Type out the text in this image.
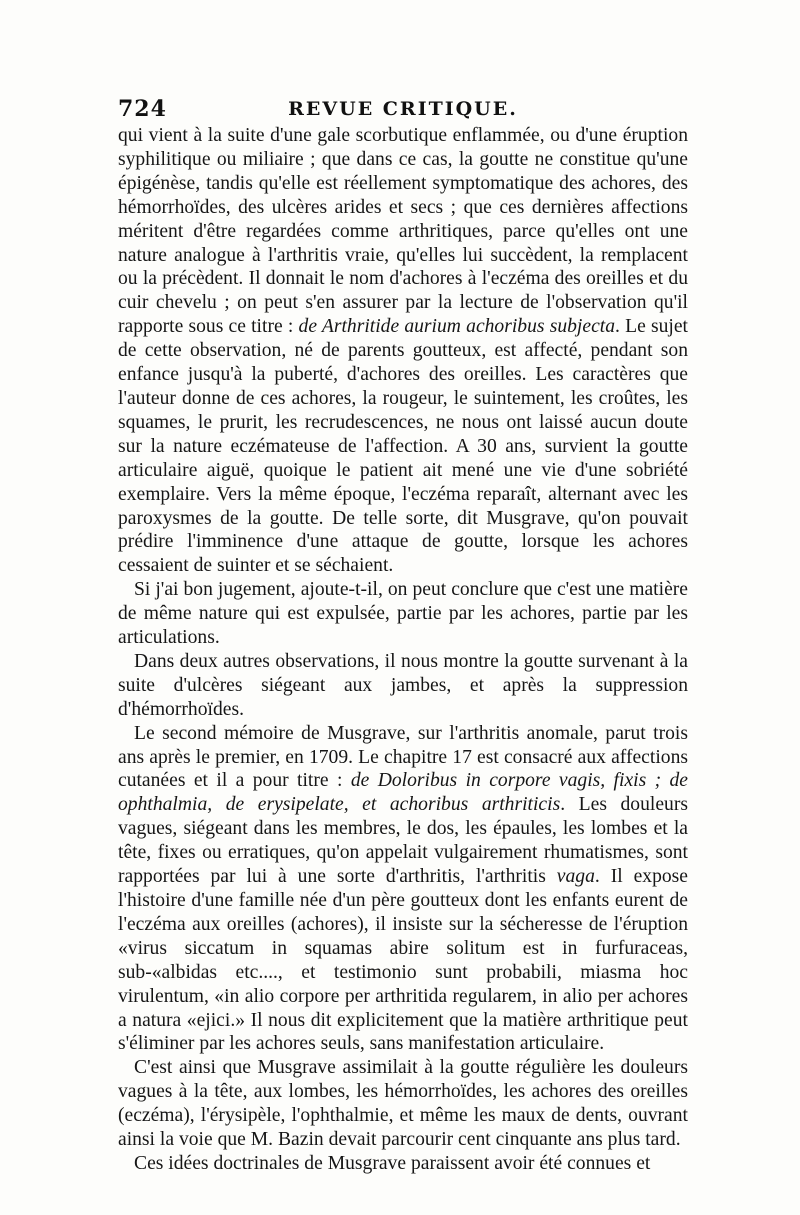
724	REVUE CRITIQUE.

qui vient à la suite d'une gale scorbutique enflammée, ou d'une éruption syphilitique ou miliaire ; que dans ce cas, la goutte ne constitue qu'une épigénèse, tandis qu'elle est réellement symptomatique des achores, des hémorrhoïdes, des ulcères arides et secs ; que ces dernières affections méritent d'être regardées comme arthritiques, parce qu'elles ont une nature analogue à l'arthritis vraie, qu'elles lui succèdent, la remplacent ou la précèdent. Il donnait le nom d'achores à l'eczéma des oreilles et du cuir chevelu ; on peut s'en assurer par la lecture de l'observation qu'il rapporte sous ce titre : de Arthritide aurium achoribus subjecta. Le sujet de cette observation, né de parents goutteux, est affecté, pendant son enfance jusqu'à la puberté, d'achores des oreilles. Les caractères que l'auteur donne de ces achores, la rougeur, le suintement, les croûtes, les squames, le prurit, les recrudescences, ne nous ont laissé aucun doute sur la nature eczémateuse de l'affection. A 30 ans, survient la goutte articulaire aiguë, quoique le patient ait mené une vie d'une sobriété exemplaire. Vers la même époque, l'eczéma reparaît, alternant avec les paroxysmes de la goutte. De telle sorte, dit Musgrave, qu'on pouvait prédire l'imminence d'une attaque de goutte, lorsque les achores cessaient de suinter et se séchaient.

Si j'ai bon jugement, ajoute-t-il, on peut conclure que c'est une matière de même nature qui est expulsée, partie par les achores, partie par les articulations.

Dans deux autres observations, il nous montre la goutte survenant à la suite d'ulcères siégeant aux jambes, et après la suppression d'hémorrhoïdes.

Le second mémoire de Musgrave, sur l'arthritis anomale, parut trois ans après le premier, en 1709. Le chapitre 17 est consacré aux affections cutanées et il a pour titre : de Doloribus in corpore vagis, fixis ; de ophthalmia, de erysipelate, et achoribus arthriticis. Les douleurs vagues, siégeant dans les membres, le dos, les épaules, les lombes et la tête, fixes ou erratiques, qu'on appelait vulgairement rhumatismes, sont rapportées par lui à une sorte d'arthritis, l'arthritis vaga. Il expose l'histoire d'une famille née d'un père goutteux dont les enfants eurent de l'eczéma aux oreilles (achores), il insiste sur la sécheresse de l'éruption «virus siccatum in squamas abire solitum est in furfuraceas, sub-«albidas etc...., et testimonio sunt probabili, miasma hoc virulentum, «in alio corpore per arthritida regularem, in alio per achores a natura «ejici.» Il nous dit explicitement que la matière arthritique peut s'éliminer par les achores seuls, sans manifestation articulaire.

C'est ainsi que Musgrave assimilait à la goutte régulière les douleurs vagues à la tête, aux lombes, les hémorrhoïdes, les achores des oreilles (eczéma), l'érysipèle, l'ophthalmie, et même les maux de dents, ouvrant ainsi la voie que M. Bazin devait parcourir cent cinquante ans plus tard.

Ces idées doctrinales de Musgrave paraissent avoir été connues et
